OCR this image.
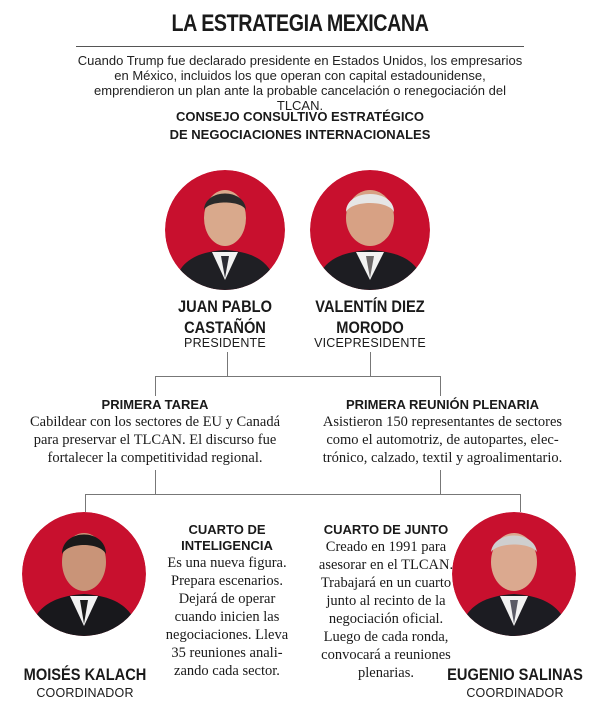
LA ESTRATEGIA MEXICANA
Cuando Trump fue declarado presidente en Estados Unidos, los empresarios en México, incluidos los que operan con capital estadounidense, emprendieron un plan ante la probable cancelación o renegociación del TLCAN.
CONSEJO CONSULTIVO ESTRATÉGICO
DE NEGOCIACIONES INTERNACIONALES
JUAN PABLO
CASTAÑÓN
PRESIDENTE
VALENTÍN DIEZ
MORODO
VICEPRESIDENTE
PRIMERA TAREA
Cabildear con los sectores de EU y Canadá
para preservar el TLCAN. El discurso fue
fortalecer la competitividad regional.
PRIMERA REUNIÓN PLENARIA
Asistieron 150 representantes de sectores
como el automotriz, de autopartes, elec-
trónico, calzado, textil y agroalimentario.
CUARTO DE
INTELIGENCIA
Es una nueva figura.
Prepara escenarios.
Dejará de operar
cuando inicien las
negociaciones. Lleva
35 reuniones anali-
zando cada sector.
CUARTO DE JUNTO
Creado en 1991 para
asesorar en el TLCAN.
Trabajará en un cuarto
junto al recinto de la
negociación oficial.
Luego de cada ronda,
convocará a reuniones
plenarias.
MOISÉS KALACH
COORDINADOR
EUGENIO SALINAS
COORDINADOR
